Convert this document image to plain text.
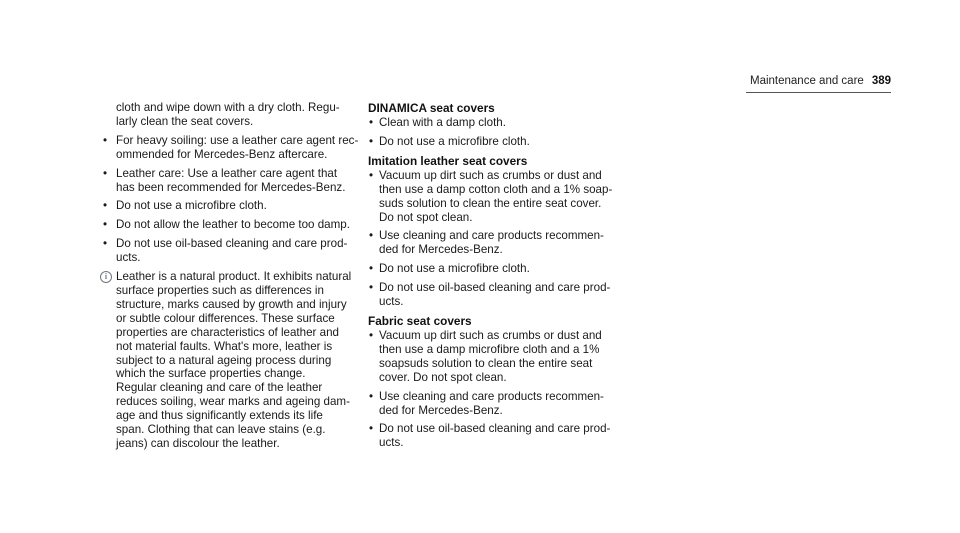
Maintenance and care 389
cloth and wipe down with a dry cloth. Regu-
larly clean the seat covers.
• For heavy soiling: use a leather care agent rec-
ommended for Mercedes-Benz aftercare.
• Leather care: Use a leather care agent that
has been recommended for Mercedes-Benz.
• Do not use a microfibre cloth.
• Do not allow the leather to become too damp.
• Do not use oil-based cleaning and care prod-
ucts.
i Leather is a natural product. It exhibits natural
surface properties such as differences in
structure, marks caused by growth and injury
or subtle colour differences. These surface
properties are characteristics of leather and
not material faults. What's more, leather is
subject to a natural ageing process during
which the surface properties change.
Regular cleaning and care of the leather
reduces soiling, wear marks and ageing dam-
age and thus significantly extends its life
span. Clothing that can leave stains (e.g.
jeans) can discolour the leather.
DINAMICA seat covers
• Clean with a damp cloth.
• Do not use a microfibre cloth.
Imitation leather seat covers
• Vacuum up dirt such as crumbs or dust and
then use a damp cotton cloth and a 1% soap-
suds solution to clean the entire seat cover.
Do not spot clean.
• Use cleaning and care products recommen-
ded for Mercedes-Benz.
• Do not use a microfibre cloth.
• Do not use oil-based cleaning and care prod-
ucts.
Fabric seat covers
• Vacuum up dirt such as crumbs or dust and
then use a damp microfibre cloth and a 1%
soapsuds solution to clean the entire seat
cover. Do not spot clean.
• Use cleaning and care products recommen-
ded for Mercedes-Benz.
• Do not use oil-based cleaning and care prod-
ucts.
